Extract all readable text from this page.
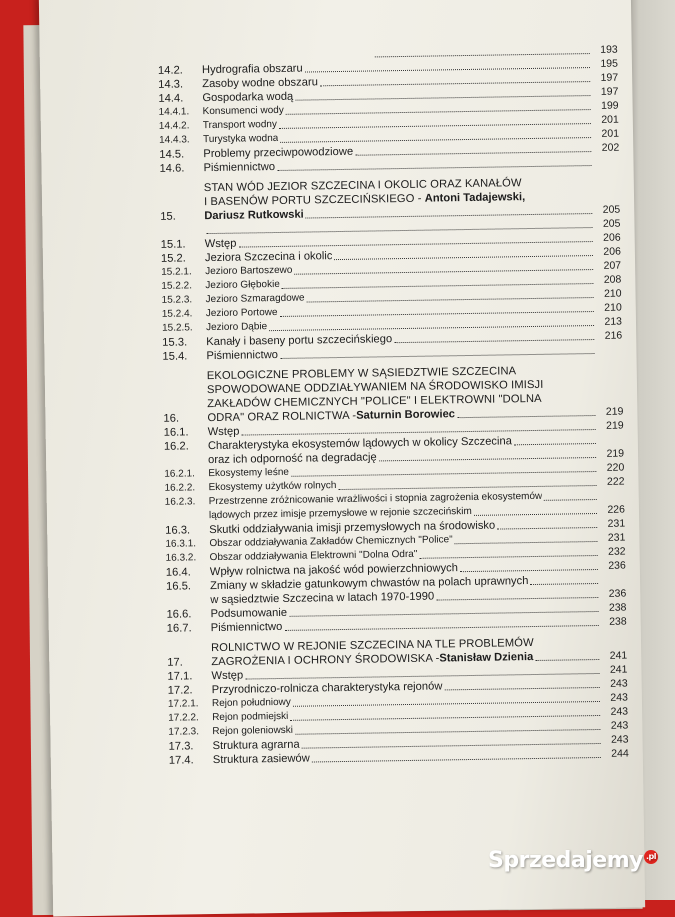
193
14.2.	Hydrografia obszaru	195
14.3.	Zasoby wodne obszaru	197
14.4.	Gospodarka wodą	197
14.4.1.	Konsumenci wody	199
14.4.2.	Transport wodny	201
14.4.3.	Turystyka wodna	201
14.5.	Problemy przeciwpowodziowe	202
14.6.	Piśmiennictwo
15.
STAN WÓD JEZIOR SZCZECINA I OKOLIC ORAZ KANAŁÓW
I BASENÓW PORTU SZCZECIŃSKIEGO - Antoni Tadajewski,
Dariusz Rutkowski	205
205
15.1.	Wstęp	206
15.2.	Jeziora Szczecina i okolic	206
15.2.1.	Jezioro Bartoszewo	207
15.2.2.	Jezioro Głębokie	208
15.2.3.	Jezioro Szmaragdowe	210
15.2.4.	Jezioro Portowe	210
15.2.5.	Jezioro Dąbie	213
15.3.	Kanały i baseny portu szczecińskiego	216
15.4.	Piśmiennictwo
16.
EKOLOGICZNE PROBLEMY W SĄSIEDZTWIE SZCZECINA
SPOWODOWANE ODDZIAŁYWANIEM NA ŚRODOWISKO IMISJI
ZAKŁADÓW CHEMICZNYCH "POLICE" I ELEKTROWNI "DOLNA
ODRA" ORAZ ROLNICTWA - Saturnin Borowiec	219
16.1.	Wstęp	219
16.2.	Charakterystyka ekosystemów lądowych w okolicy Szczecina
oraz ich odporność na degradację	219
16.2.1.	Ekosystemy leśne	220
16.2.2.	Ekosystemy użytków rolnych	222
16.2.3.	Przestrzenne zróżnicowanie wrażliwości i stopnia zagrożenia ekosystemów
lądowych przez imisje przemysłowe w rejonie szczecińskim	226
16.3.	Skutki oddziaływania imisji przemysłowych na środowisko	231
16.3.1.	Obszar oddziaływania Zakładów Chemicznych "Police"	231
16.3.2.	Obszar oddziaływania Elektrowni "Dolna Odra"	232
16.4.	Wpływ rolnictwa na jakość wód powierzchniowych	236
16.5.	Zmiany w składzie gatunkowym chwastów na polach uprawnych
w sąsiedztwie Szczecina w latach 1970-1990	236
16.6.	Podsumowanie	238
16.7.	Piśmiennictwo	238
17.
ROLNICTWO W REJONIE SZCZECINA NA TLE PROBLEMÓW
ZAGROŻENIA I OCHRONY ŚRODOWISKA - Stanisław Dzienia	241
17.1.	Wstęp	241
17.2.	Przyrodniczo-rolnicza charakterystyka rejonów	243
17.2.1.	Rejon południowy	243
17.2.2.	Rejon podmiejski	243
17.2.3.	Rejon goleniowski	243
17.3.	Struktura agrarna	243
17.4.	Struktura zasiewów	244
Sprzedajemy .pl
